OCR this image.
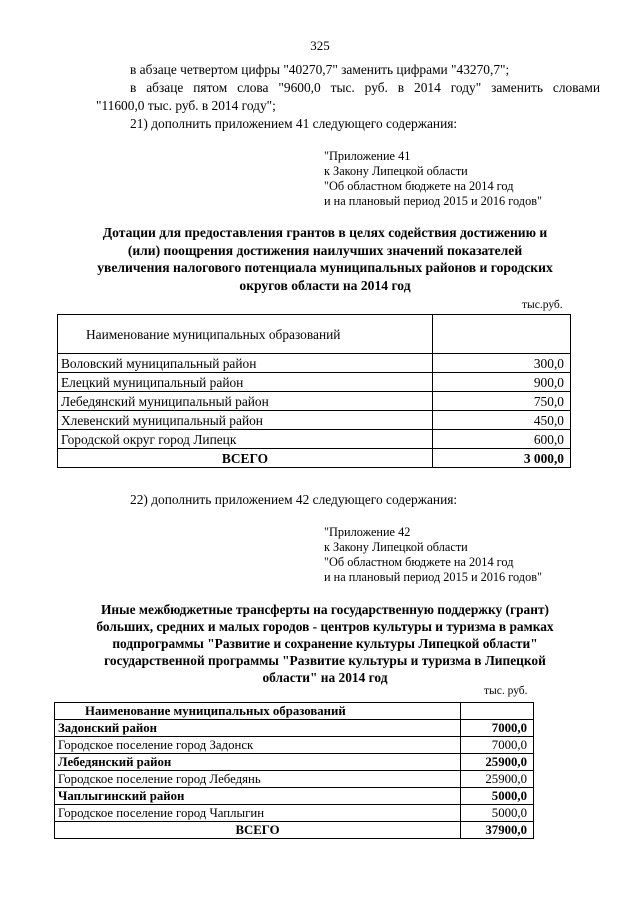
325
в абзаце четвертом цифры "40270,7" заменить цифрами "43270,7";
в абзаце пятом слова "9600,0 тыс. руб. в 2014 году" заменить словами
"11600,0 тыс. руб. в 2014 году";
21) дополнить приложением 41 следующего содержания:
"Приложение 41
к Закону Липецкой области
"Об областном бюджете на 2014 год
и на плановый период 2015 и 2016 годов"
Дотации для предоставления грантов в целях содействия достижению и
(или) поощрения достижения наилучших значений показателей
увеличения налогового потенциала муниципальных районов и городских
округов области на 2014 год
тыс.руб.
Наименование муниципальных образований	
Воловский муниципальный район	300,0
Елецкий муниципальный район	900,0
Лебедянский муниципальный район	750,0
Хлевенский муниципальный район	450,0
Городской округ город Липецк	600,0
ВСЕГО	3 000,0
22) дополнить приложением 42 следующего содержания:
"Приложение 42
к Закону Липецкой области
"Об областном бюджете на 2014 год
и на плановый период 2015 и 2016 годов"
Иные межбюджетные трансферты на государственную поддержку (грант)
больших, средних и малых городов - центров культуры и туризма в рамках
подпрограммы "Развитие и сохранение культуры Липецкой области"
государственной программы "Развитие культуры и туризма в Липецкой
области" на 2014 год
тыс. руб.
Наименование муниципальных образований	
Задонский район	7000,0
Городское поселение город Задонск	7000,0
Лебедянский район	25900,0
Городское поселение город Лебедянь	25900,0
Чаплыгинский район	5000,0
Городское поселение город Чаплыгин	5000,0
ВСЕГО	37900,0
